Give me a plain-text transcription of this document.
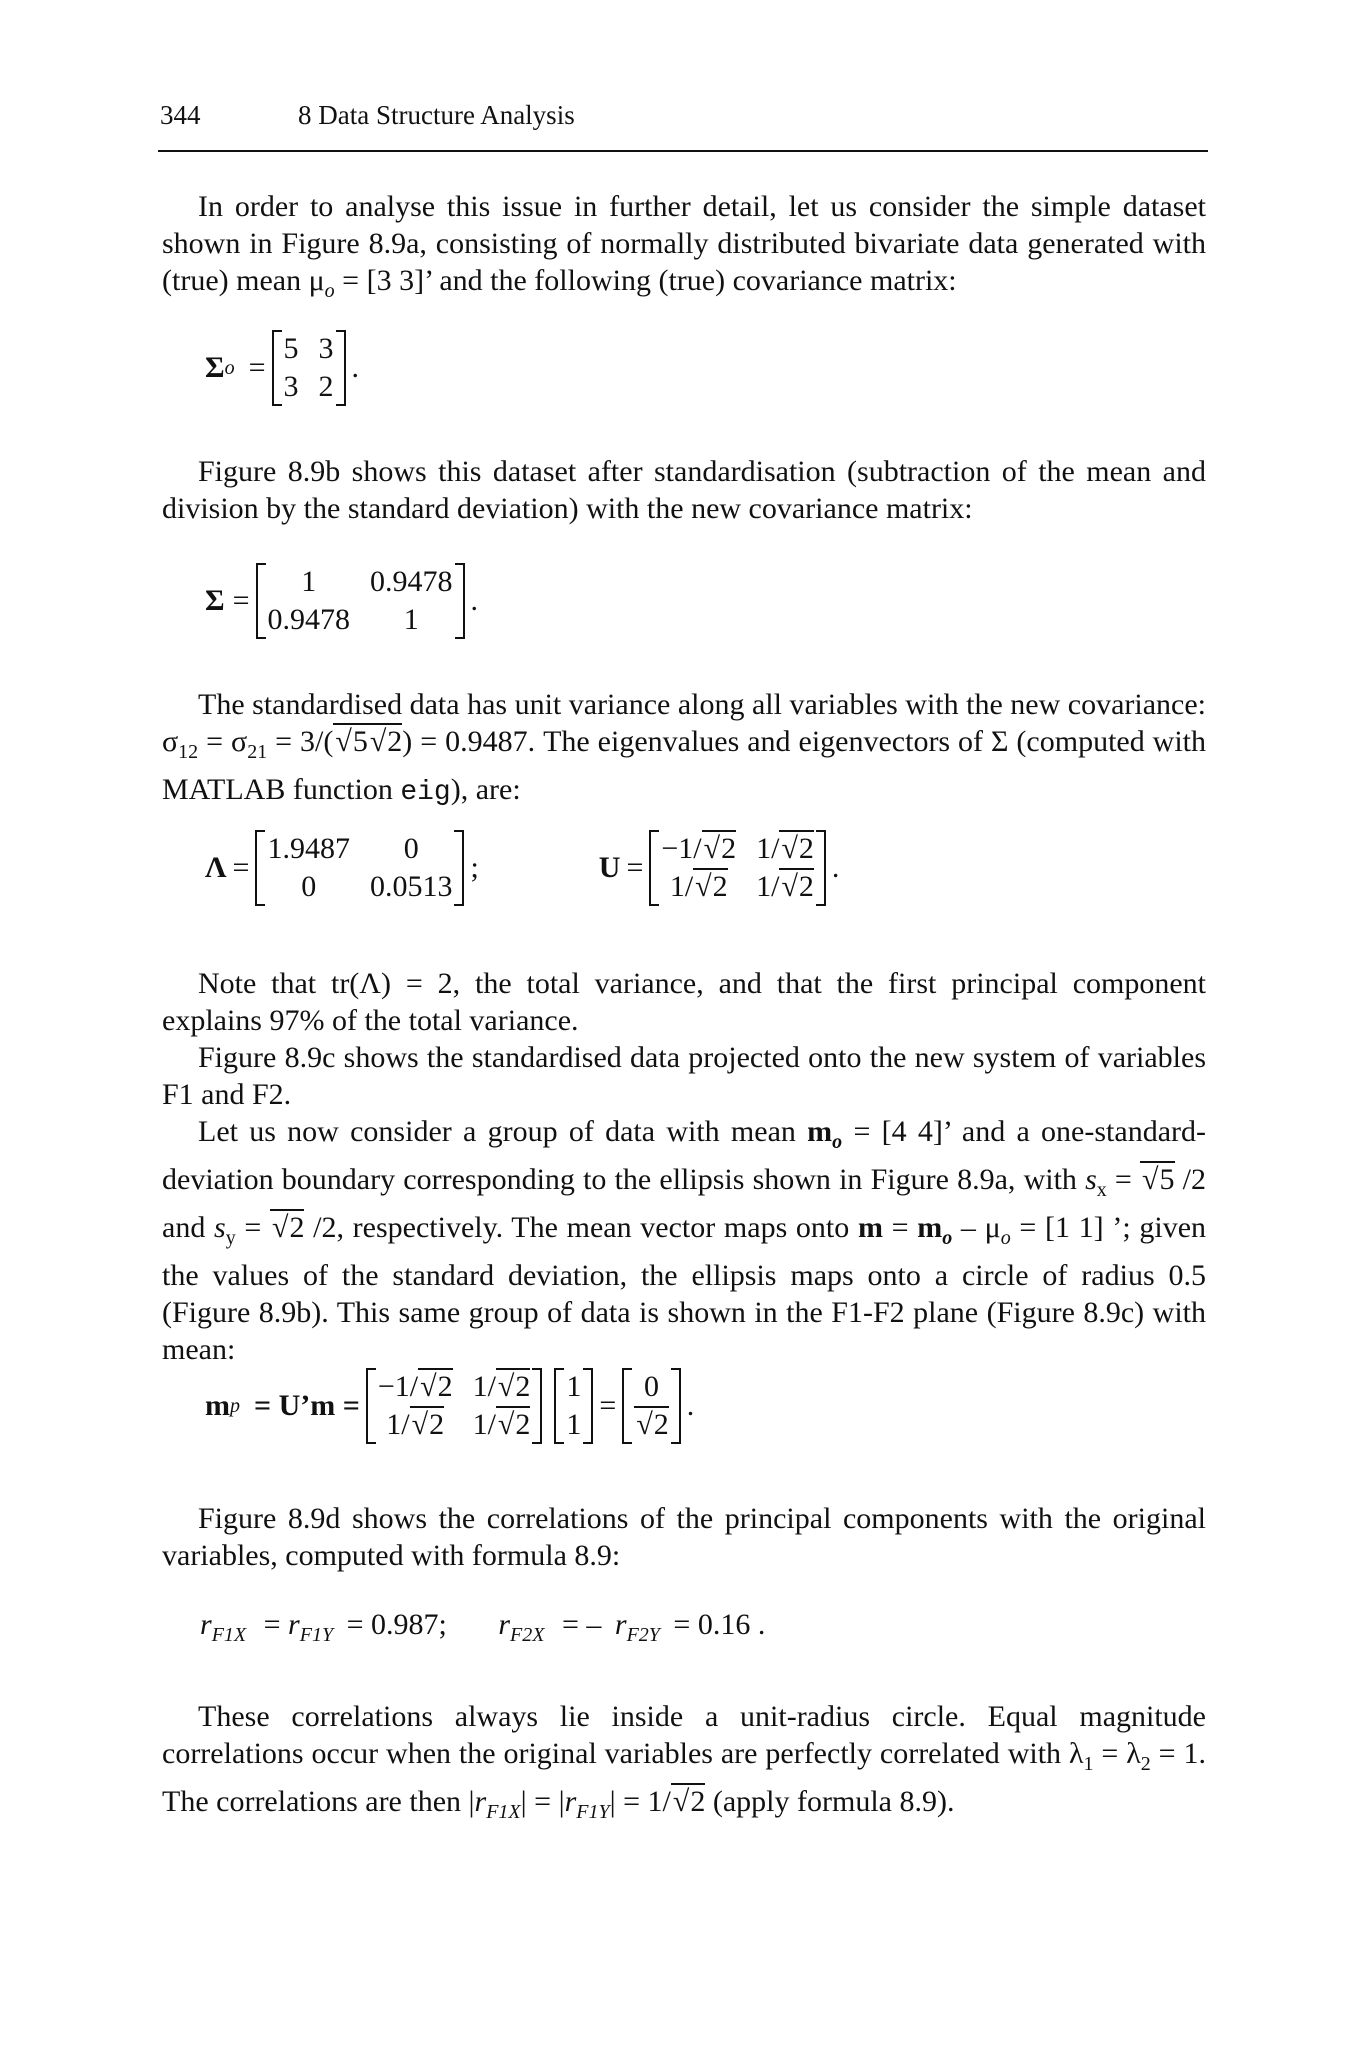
344	8 Data Structure Analysis
In order to analyse this issue in further detail, let us consider the simple dataset shown in Figure 8.9a, consisting of normally distributed bivariate data generated with (true) mean $\mu_o = [3$ 3]’ and the following (true) covariance matrix:
Σ o =
5 3
3 2
.
Figure 8.9b shows this dataset after standardisation (subtraction of the mean and division by the standard deviation) with the new covariance matrix:
Σ =
1	0.9478
0.9478	1
.
The standardised data has unit variance along all variables with the new covariance: $\sigma_{12} = \sigma_{21} = 3/(√$ 5√ 2) = 0.9487. The eigenvalues and eigenvectors of Σ (computed with MATLAB function eig), are:
Λ =
1.9487	0
0	0.0513
;	U =
−1/√ 2 1/√ 2
1/√ 2 1/√ 2
.
Note that tr(Λ) = 2, the total variance, and that the first principal component explains 97% of the total variance.
Figure 8.9c shows the standardised data projected onto the new system of variables F1 and F2.
Let us now consider a group of data with mean $m_o = [4$ 4]’ and a one-standard-deviation boundary corresponding to the ellipsis shown in Figure 8.9a, with $s_x$ = √ 5 /2 and $s_y$ = √ 2 /2, respectively. The mean vector maps onto $m = m_o - \mu_o = [1$ 1] ’; given the values of the standard deviation, the ellipsis maps onto a circle of radius 0.5 (Figure 8.9b). This same group of data is shown in the F1-F2 plane (Figure 8.9c) with mean:
m p = U’m =
−1/√ 2 1/√ 2
1/√ 2 1/√ 2
1
1
=
0
√ 2
.
Figure 8.9d shows the correlations of the principal components with the original variables, computed with formula 8.9:
$r_{F1X} = r_{F1Y} = 0.987$; $r_{F2X}$ = – $r_{F2Y} = 0.16$ .
These correlations always lie inside a unit-radius circle. Equal magnitude correlations occur when the original variables are perfectly correlated with $\lambda_1 = \lambda_2 = 1$. The correlations are then $|r_{F1X}| = |r_{F1Y}| = 1/√$ 2 (apply formula 8.9).
